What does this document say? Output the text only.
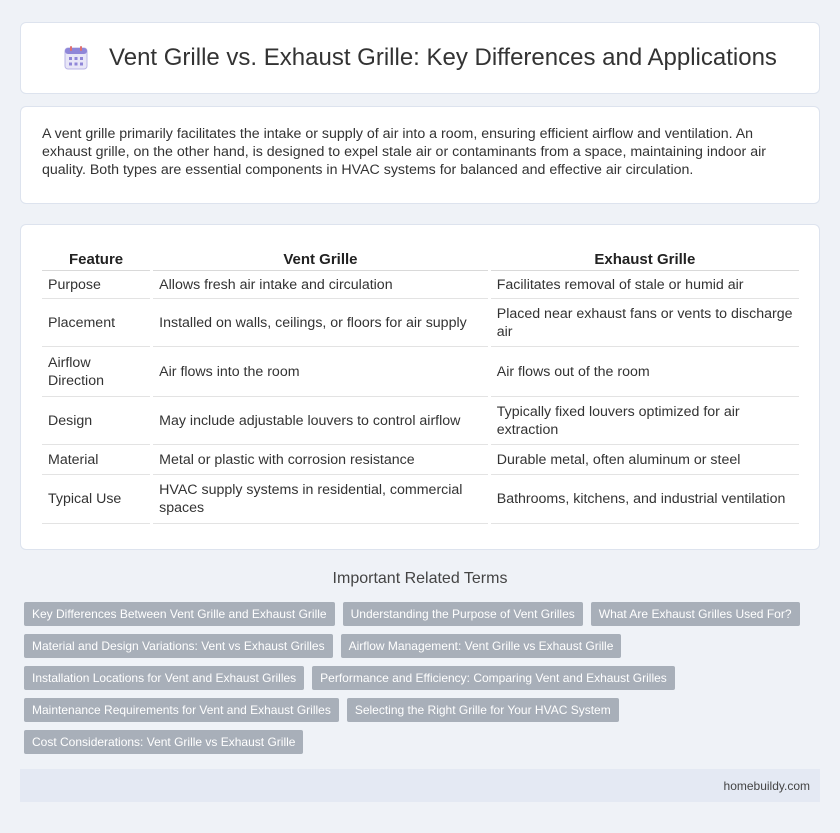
Vent Grille vs. Exhaust Grille: Key Differences and Applications

A vent grille primarily facilitates the intake or supply of air into a room, ensuring efficient airflow and ventilation. An exhaust grille, on the other hand, is designed to expel stale air or contaminants from a space, maintaining indoor air quality. Both types are essential components in HVAC systems for balanced and effective air circulation.

Feature		Vent Grille		Exhaust Grille
Purpose		Allows fresh air intake and circulation		Facilitates removal of stale or humid air
Placement		Installed on walls, ceilings, or floors for air supply		Placed near exhaust fans or vents to discharge air
Airflow Direction		Air flows into the room		Air flows out of the room
Design		May include adjustable louvers to control airflow		Typically fixed louvers optimized for air extraction
Material		Metal or plastic with corrosion resistance		Durable metal, often aluminum or steel
Typical Use		HVAC supply systems in residential, commercial spaces		Bathrooms, kitchens, and industrial ventilation
Important Related Terms
Key Differences Between Vent Grille and Exhaust Grille	Understanding the Purpose of Vent Grilles	What Are Exhaust Grilles Used For?
Material and Design Variations: Vent vs Exhaust Grilles	Airflow Management: Vent Grille vs Exhaust Grille
Installation Locations for Vent and Exhaust Grilles	Performance and Efficiency: Comparing Vent and Exhaust Grilles
Maintenance Requirements for Vent and Exhaust Grilles	Selecting the Right Grille for Your HVAC System
Cost Considerations: Vent Grille vs Exhaust Grille
homebuildy.com
